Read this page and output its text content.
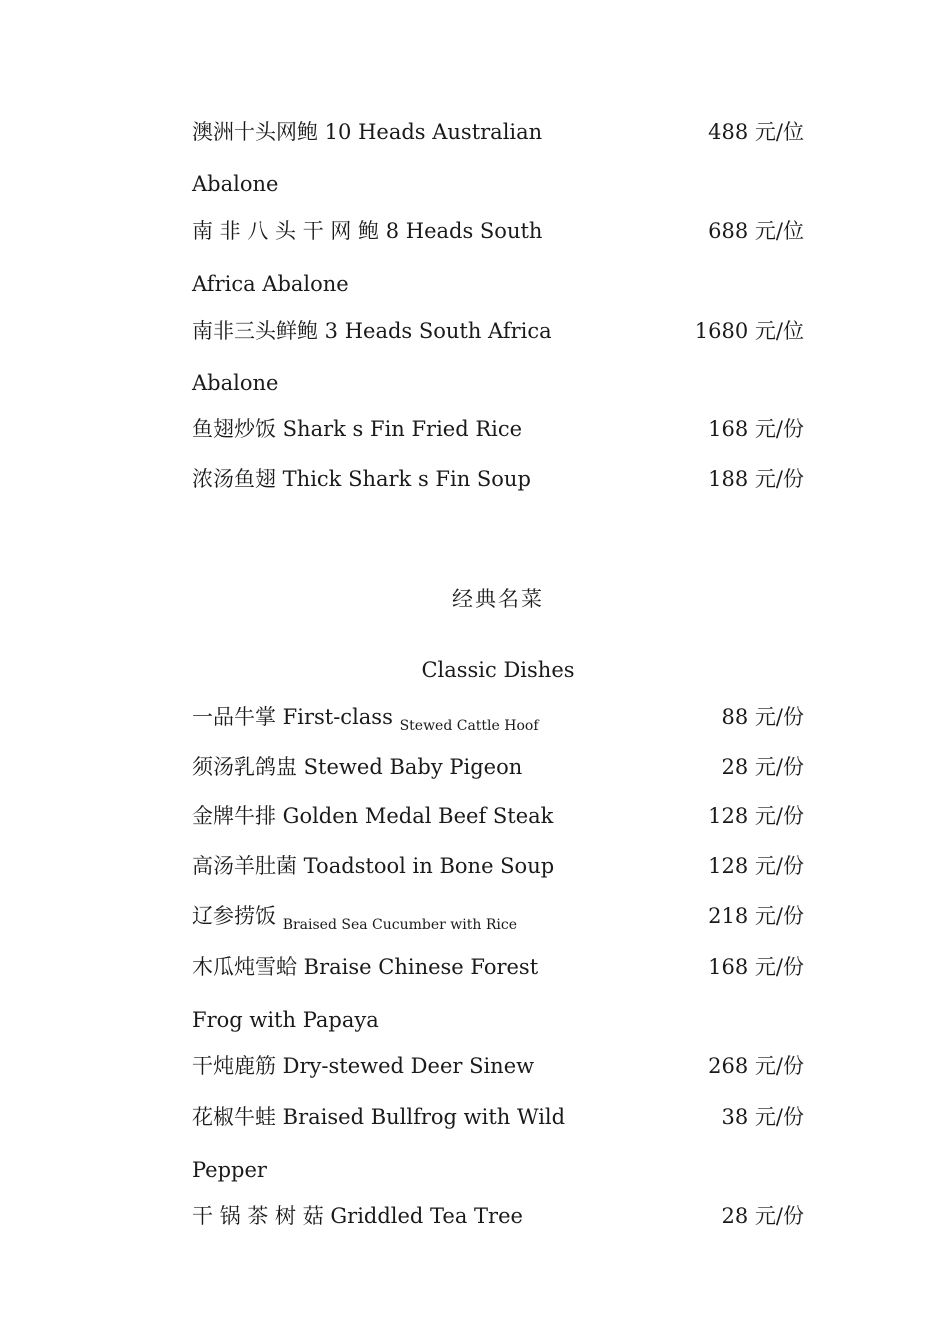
澳洲十头网鲍 10 Heads Australian	488 元/位
Abalone
南 非 八 头 干 网 鲍 8 Heads South	688 元/位
Africa Abalone
南非三头鲜鲍 3 Heads South Africa	1680 元/位
Abalone
鱼翅炒饭 Shark s Fin Fried Rice	168 元/份
浓汤鱼翅 Thick Shark s Fin Soup	188 元/份
经典名菜
Classic Dishes
一品牛掌 First-class $_{Stewed Cattle Hoof}$	88 元/份
须汤乳鸽盅 Stewed Baby Pigeon	28 元/份
金牌牛排 Golden Medal Beef Steak	128 元/份
高汤羊肚菌 Toadstool in Bone Soup	128 元/份
辽参捞饭 $_{Braised Sea Cucumber with Rice}$	218 元/份
木瓜炖雪蛤 Braise Chinese Forest	168 元/份
Frog with Papaya
干炖鹿筋 Dry-stewed Deer Sinew	268 元/份
花椒牛蛙 Braised Bullfrog with Wild	38 元/份
Pepper
干 锅 茶 树 菇 Griddled Tea Tree	28 元/份
